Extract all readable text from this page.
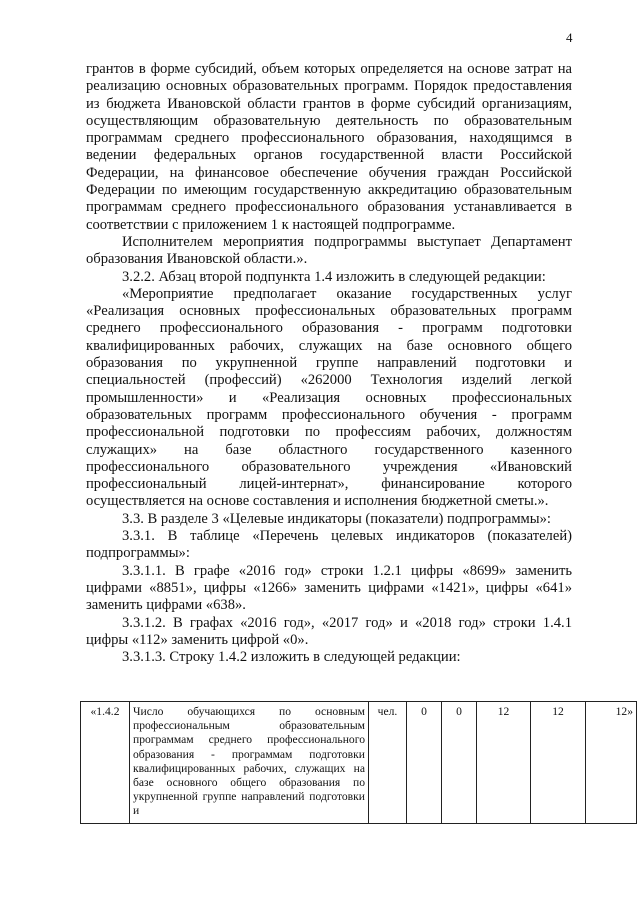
4

грантов в форме субсидий, объем которых определяется на основе затрат на реализацию основных образовательных программ. Порядок предоставления из бюджета Ивановской области грантов в форме субсидий организациям, осуществляющим образовательную деятельность по образовательным программам среднего профессионального образования, находящимся в ведении федеральных органов государственной власти Российской Федерации, на финансовое обеспечение обучения граждан Российской Федерации по имеющим государственную аккредитацию образовательным программам среднего профессионального образования устанавливается в соответствии с приложением 1 к настоящей подпрограмме.

Исполнителем мероприятия подпрограммы выступает Департамент образования Ивановской области.».

3.2.2. Абзац второй подпункта 1.4 изложить в следующей редакции:

«Мероприятие предполагает оказание государственных услуг «Реализация основных профессиональных образовательных программ среднего профессионального образования - программ подготовки квалифицированных рабочих, служащих на базе основного общего образования по укрупненной группе направлений подготовки и специальностей (профессий) «262000 Технология изделий легкой промышленности» и «Реализация основных профессиональных образовательных программ профессионального обучения - программ профессиональной подготовки по профессиям рабочих, должностям служащих» на базе областного государственного казенного профессионального образовательного учреждения «Ивановский профессиональный лицей-интернат», финансирование которого осуществляется на основе составления и исполнения бюджетной сметы.».

3.3. В разделе 3 «Целевые индикаторы (показатели) подпрограммы»:

3.3.1. В таблице «Перечень целевых индикаторов (показателей) подпрограммы»:

3.3.1.1. В графе «2016 год» строки 1.2.1 цифры «8699» заменить цифрами «8851», цифры «1266» заменить цифрами «1421», цифры «641» заменить цифрами «638».

3.3.1.2. В графах «2016 год», «2017 год» и «2018 год» строки 1.4.1 цифры «112» заменить цифрой «0».

3.3.1.3. Строку 1.4.2 изложить в следующей редакции:

«1.4.2	Число обучающихся по основным профессиональным образовательным программам среднего профессионального образования - программам подготовки квалифицированных рабочих, служащих на базе основного общего образования по укрупненной группе направлений подготовки и	чел.	0	0	12	12	12»
